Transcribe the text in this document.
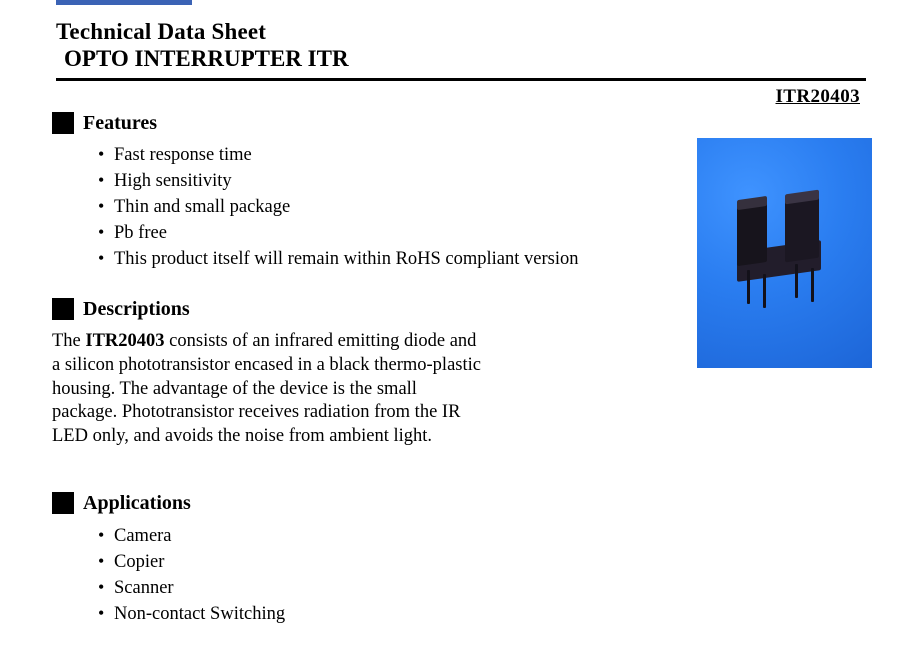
Technical Data Sheet
OPTO INTERRUPTER ITR
ITR20403
Features
• Fast response time
• High sensitivity
• Thin and small package
• Pb free
• This product itself will remain within RoHS compliant version
Descriptions

The ITR20403 consists of an infrared emitting diode and a silicon phototransistor encased in a black thermo-plastic housing. The advantage of the device is the small package. Phototransistor receives radiation from the IR LED only, and avoids the noise from ambient light.

Applications
• Camera
• Copier
• Scanner
• Non-contact Switching
